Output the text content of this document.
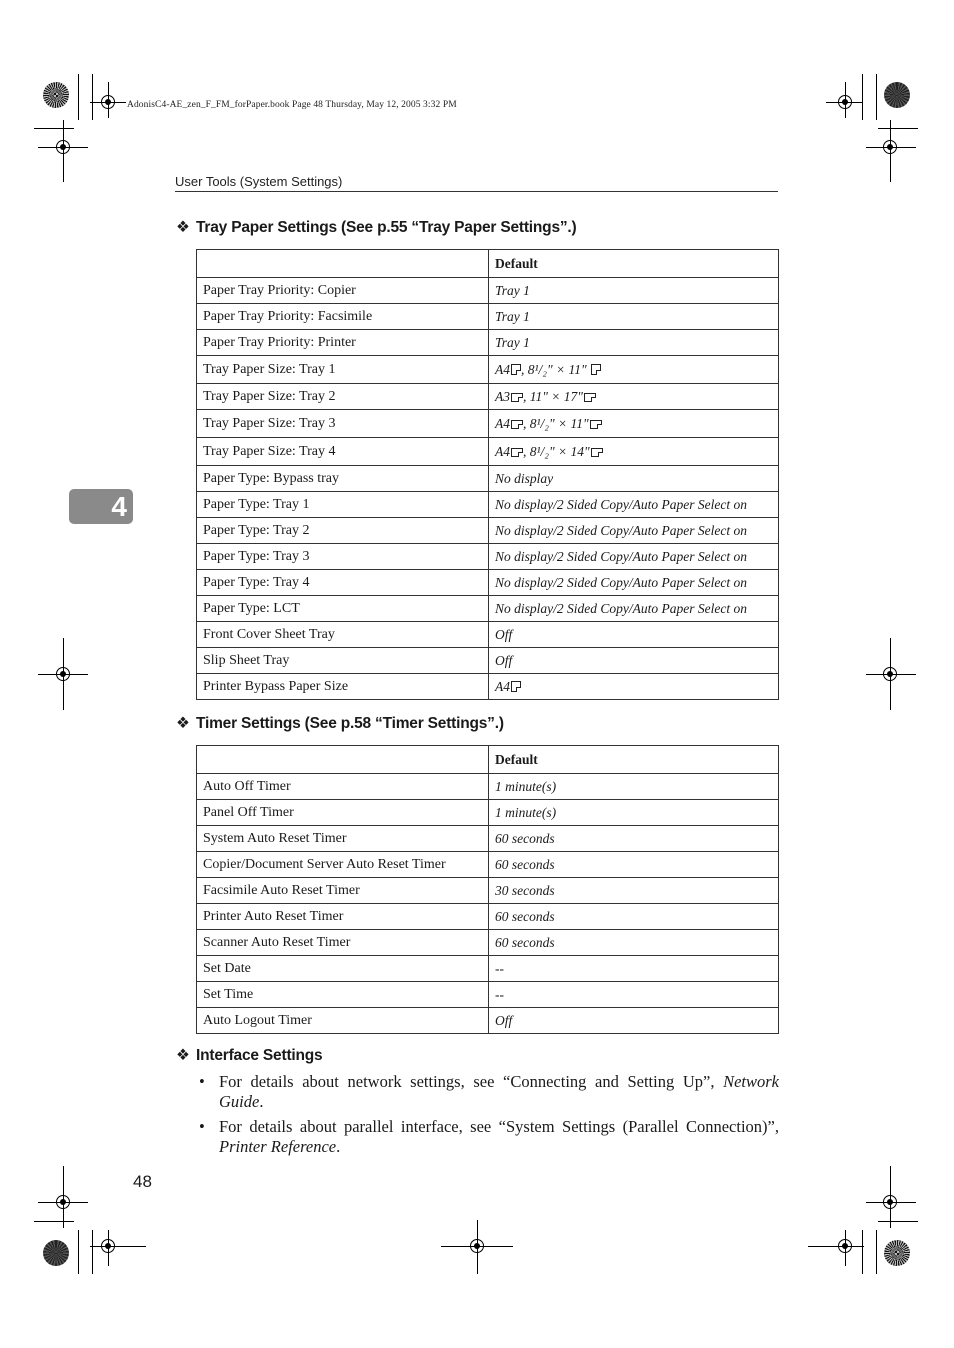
AdonisC4-AE_zen_F_FM_forPaper.book Page 48 Thursday, May 12, 2005 3:32 PM
User Tools (System Settings)
4
❖ Tray Paper Settings (See p.55 “Tray Paper Settings”.)
	Default
Paper Tray Priority: Copier	Tray 1
Paper Tray Priority: Facsimile	Tray 1
Paper Tray Priority: Printer	Tray 1
Tray Paper Size: Tray 1	A4 , 8¹/₂" × 11"
Tray Paper Size: Tray 2	A3 , 11" × 17"
Tray Paper Size: Tray 3	A4 , 8¹/₂" × 11"
Tray Paper Size: Tray 4	A4 , 8¹/₂" × 14"
Paper Type: Bypass tray	No display
Paper Type: Tray 1	No display/2 Sided Copy/Auto Paper Select on
Paper Type: Tray 2	No display/2 Sided Copy/Auto Paper Select on
Paper Type: Tray 3	No display/2 Sided Copy/Auto Paper Select on
Paper Type: Tray 4	No display/2 Sided Copy/Auto Paper Select on
Paper Type: LCT	No display/2 Sided Copy/Auto Paper Select on
Front Cover Sheet Tray	Off
Slip Sheet Tray	Off
Printer Bypass Paper Size	A4
❖ Timer Settings (See p.58 “Timer Settings”.)
	Default
Auto Off Timer	1 minute(s)
Panel Off Timer	1 minute(s)
System Auto Reset Timer	60 seconds
Copier/Document Server Auto Reset Timer	60 seconds
Facsimile Auto Reset Timer	30 seconds
Printer Auto Reset Timer	60 seconds
Scanner Auto Reset Timer	60 seconds
Set Date	--
Set Time	--
Auto Logout Timer	Off
❖ Interface Settings
• For details about network settings, see “Connecting and Setting Up”, Network Guide.
• For details about parallel interface, see “System Settings (Parallel Connection)”, Printer Reference.
48
